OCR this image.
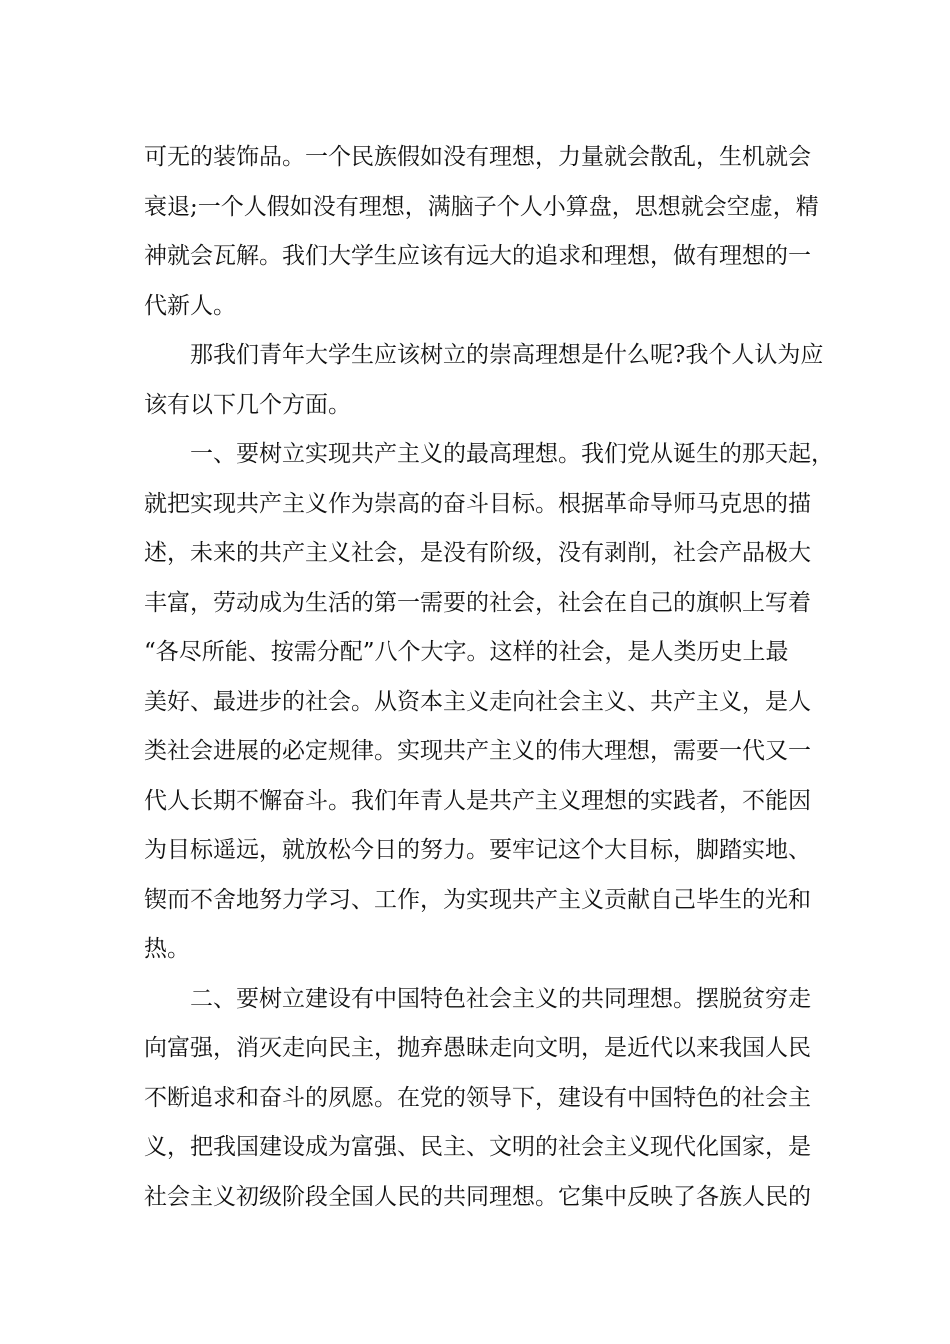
可无的装饰品。一个民族假如没有理想，力量就会散乱，生机就会
衰退;一个人假如没有理想，满脑子个人小算盘，思想就会空虚，精
神就会瓦解。我们大学生应该有远大的追求和理想，做有理想的一
代新人。
那我们青年大学生应该树立的崇高理想是什么呢?我个人认为应
该有以下几个方面。
一、要树立实现共产主义的最高理想。我们党从诞生的那天起，
就把实现共产主义作为崇高的奋斗目标。根据革命导师马克思的描
述，未来的共产主义社会，是没有阶级，没有剥削，社会产品极大
丰富，劳动成为生活的第一需要的社会，社会在自己的旗帜上写着
“各尽所能、按需分配”八个大字。这样的社会，是人类历史上最
美好、最进步的社会。从资本主义走向社会主义、共产主义，是人
类社会进展的必定规律。实现共产主义的伟大理想，需要一代又一
代人长期不懈奋斗。我们年青人是共产主义理想的实践者，不能因
为目标遥远，就放松今日的努力。要牢记这个大目标，脚踏实地、
锲而不舍地努力学习、工作，为实现共产主义贡献自己毕生的光和
热。
二、要树立建设有中国特色社会主义的共同理想。摆脱贫穷走
向富强，消灭走向民主，抛弃愚昧走向文明，是近代以来我国人民
不断追求和奋斗的夙愿。在党的领导下，建设有中国特色的社会主
义，把我国建设成为富强、民主、文明的社会主义现代化国家，是
社会主义初级阶段全国人民的共同理想。它集中反映了各族人民的
